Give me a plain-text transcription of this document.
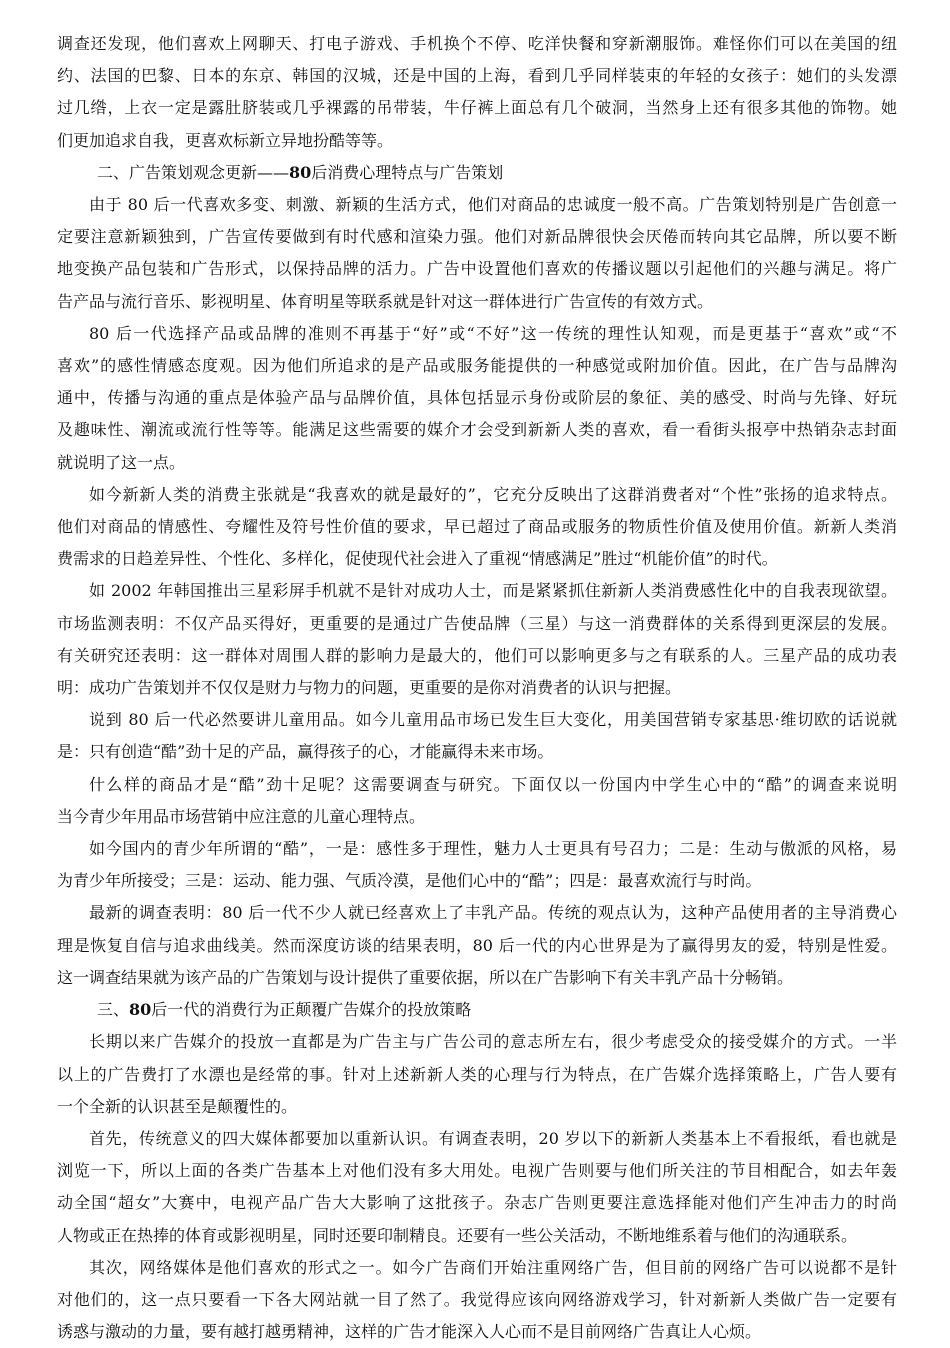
调查还发现，他们喜欢上网聊天、打电子游戏、手机换个不停、吃洋快餐和穿新潮服饰。难怪你们可以在美国的纽

约、法国的巴黎、日本的东京、韩国的汉城，还是中国的上海，看到几乎同样装束的年轻的女孩子：她们的头发漂

过几绺，上衣一定是露肚脐装或几乎裸露的吊带装，牛仔裤上面总有几个破洞，当然身上还有很多其他的饰物。她

们更加追求自我，更喜欢标新立异地扮酷等等。

二、广告策划观念更新——80后消费心理特点与广告策划

由于 80 后一代喜欢多变、刺激、新颖的生活方式，他们对商品的忠诚度一般不高。广告策划特别是广告创意一

定要注意新颖独到，广告宣传要做到有时代感和渲染力强。他们对新品牌很快会厌倦而转向其它品牌，所以要不断

地变换产品包装和广告形式，以保持品牌的活力。广告中设置他们喜欢的传播议题以引起他们的兴趣与满足。将广

告产品与流行音乐、影视明星、体育明星等联系就是针对这一群体进行广告宣传的有效方式。

80 后一代选择产品或品牌的准则不再基于“好”或“不好”这一传统的理性认知观，而是更基于“喜欢”或“不

喜欢”的感性情感态度观。因为他们所追求的是产品或服务能提供的一种感觉或附加价值。因此，在广告与品牌沟

通中，传播与沟通的重点是体验产品与品牌价值，具体包括显示身份或阶层的象征、美的感受、时尚与先锋、好玩

及趣味性、潮流或流行性等等。能满足这些需要的媒介才会受到新新人类的喜欢，看一看街头报亭中热销杂志封面

就说明了这一点。

如今新新人类的消费主张就是“我喜欢的就是最好的”，它充分反映出了这群消费者对“个性”张扬的追求特点。

他们对商品的情感性、夸耀性及符号性价值的要求，早已超过了商品或服务的物质性价值及使用价值。新新人类消

费需求的日趋差异性、个性化、多样化，促使现代社会进入了重视“情感满足”胜过“机能价值”的时代。

如 2002 年韩国推出三星彩屏手机就不是针对成功人士，而是紧紧抓住新新人类消费感性化中的自我表现欲望。

市场监测表明：不仅产品买得好，更重要的是通过广告使品牌（三星）与这一消费群体的关系得到更深层的发展。

有关研究还表明：这一群体对周围人群的影响力是最大的，他们可以影响更多与之有联系的人。三星产品的成功表

明：成功广告策划并不仅仅是财力与物力的问题，更重要的是你对消费者的认识与把握。

说到 80 后一代必然要讲儿童用品。如今儿童用品市场已发生巨大变化，用美国营销专家基思·维切欧的话说就

是：只有创造“酷”劲十足的产品，赢得孩子的心，才能赢得未来市场。

什么样的商品才是“酷”劲十足呢？这需要调查与研究。下面仅以一份国内中学生心中的“酷”的调查来说明

当今青少年用品市场营销中应注意的儿童心理特点。

如今国内的青少年所谓的“酷”，一是：感性多于理性，魅力人士更具有号召力；二是：生动与傲派的风格，易

为青少年所接受；三是：运动、能力强、气质冷漠，是他们心中的“酷”；四是：最喜欢流行与时尚。

最新的调查表明：80 后一代不少人就已经喜欢上了丰乳产品。传统的观点认为，这种产品使用者的主导消费心

理是恢复自信与追求曲线美。然而深度访谈的结果表明，80 后一代的内心世界是为了赢得男友的爱，特别是性爱。

这一调查结果就为该产品的广告策划与设计提供了重要依据，所以在广告影响下有关丰乳产品十分畅销。

三、80后一代的消费行为正颠覆广告媒介的投放策略

长期以来广告媒介的投放一直都是为广告主与广告公司的意志所左右，很少考虑受众的接受媒介的方式。一半

以上的广告费打了水漂也是经常的事。针对上述新新人类的心理与行为特点，在广告媒介选择策略上，广告人要有

一个全新的认识甚至是颠覆性的。

首先，传统意义的四大媒体都要加以重新认识。有调查表明，20 岁以下的新新人类基本上不看报纸，看也就是

浏览一下，所以上面的各类广告基本上对他们没有多大用处。电视广告则要与他们所关注的节目相配合，如去年轰

动全国“超女”大赛中，电视产品广告大大影响了这批孩子。杂志广告则更要注意选择能对他们产生冲击力的时尚

人物或正在热捧的体育或影视明星，同时还要印制精良。还要有一些公关活动，不断地维系着与他们的沟通联系。

其次，网络媒体是他们喜欢的形式之一。如今广告商们开始注重网络广告，但目前的网络广告可以说都不是针

对他们的，这一点只要看一下各大网站就一目了然了。我觉得应该向网络游戏学习，针对新新人类做广告一定要有

诱惑与激动的力量，要有越打越勇精神，这样的广告才能深入人心而不是目前网络广告真让人心烦。
